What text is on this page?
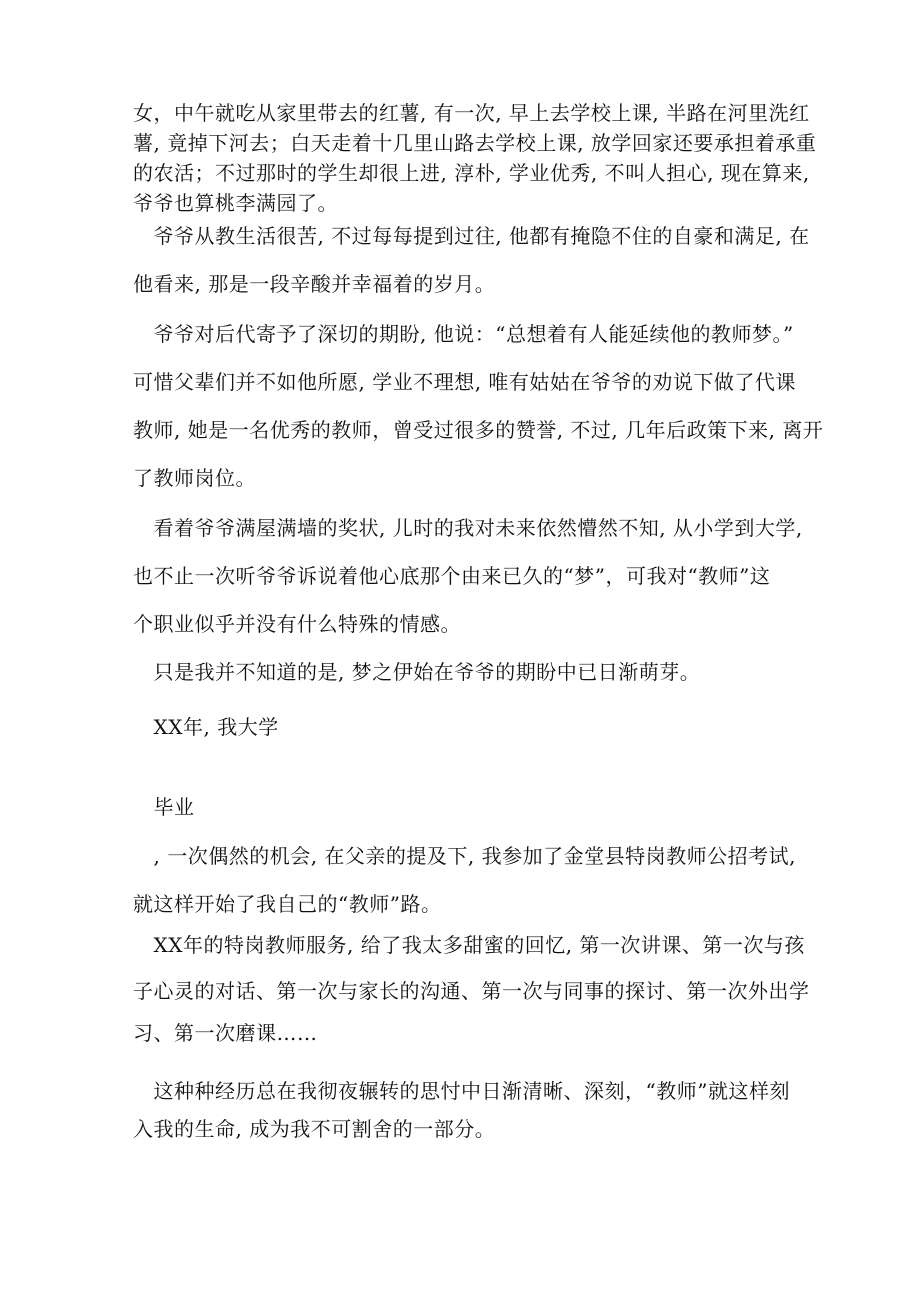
女，中午就吃从家里带去的红薯, 有一次, 早上去学校上课, 半路在河里洗红
薯, 竟掉下河去；白天走着十几里山路去学校上课, 放学回家还要承担着承重
的农活；不过那时的学生却很上进, 淳朴, 学业优秀, 不叫人担心, 现在算来,
爷爷也算桃李满园了。

　爷爷从教生活很苦, 不过每每提到过往, 他都有掩隐不住的自豪和满足, 在
他看来, 那是一段辛酸并幸福着的岁月。

　爷爷对后代寄予了深切的期盼, 他说：“总想着有人能延续他的教师梦。”
可惜父辈们并不如他所愿, 学业不理想, 唯有姑姑在爷爷的劝说下做了代课
教师, 她是一名优秀的教师，曾受过很多的赞誉, 不过, 几年后政策下来, 离开
了教师岗位。

　看着爷爷满屋满墙的奖状, 儿时的我对未来依然懵然不知, 从小学到大学,
也不止一次听爷爷诉说着他心底那个由来已久的“梦”，可我对“教师”这
个职业似乎并没有什么特殊的情感。

　只是我并不知道的是, 梦之伊始在爷爷的期盼中已日渐萌芽。

　XX年, 我大学

　毕业

　, 一次偶然的机会, 在父亲的提及下, 我参加了金堂县特岗教师公招考试,
就这样开始了我自己的“教师”路。

　XX年的特岗教师服务, 给了我太多甜蜜的回忆, 第一次讲课、第一次与孩
子心灵的对话、第一次与家长的沟通、第一次与同事的探讨、第一次外出学
习、第一次磨课……

　这种种经历总在我彻夜辗转的思忖中日渐清晰、深刻，“教师”就这样刻
入我的生命, 成为我不可割舍的一部分。
